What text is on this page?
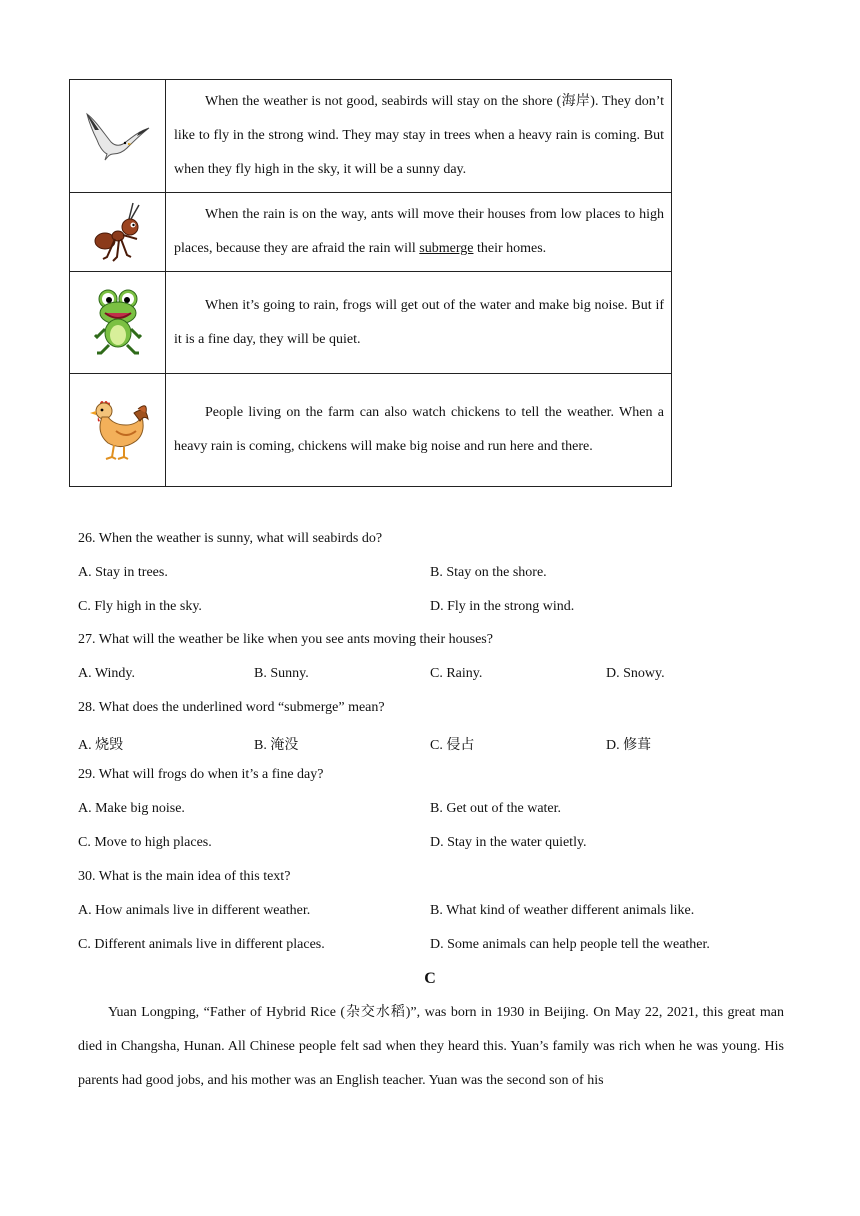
When the weather is not good, seabirds will stay on the shore (海岸). They don’t like to fly in the strong wind. They may stay in trees when a heavy rain is coming. But when they fly high in the sky, it will be a sunny day.

When the rain is on the way, ants will move their houses from low places to high places, because they are afraid the rain will submerge their homes.

When it’s going to rain, frogs will get out of the water and make big noise. But if it is a fine day, they will be quiet.

People living on the farm can also watch chickens to tell the weather. When a heavy rain is coming, chickens will make big noise and run here and there.

26. When the weather is sunny, what will seabirds do?
A. Stay in trees.	B. Stay on the shore.
C. Fly high in the sky.	D. Fly in the strong wind.
27. What will the weather be like when you see ants moving their houses?
A. Windy.	B. Sunny.	C. Rainy.	D. Snowy.
28. What does the underlined word “submerge” mean?
A. 烧毁	B. 淹没	C. 侵占	D. 修葺
29. What will frogs do when it’s a fine day?
A. Make big noise.	B. Get out of the water.
C. Move to high places.	D. Stay in the water quietly.
30. What is the main idea of this text?
A. How animals live in different weather.	B. What kind of weather different animals like.
C. Different animals live in different places.	D. Some animals can help people tell the weather.
C

Yuan Longping, “Father of Hybrid Rice (杂交水稻)”, was born in 1930 in Beijing. On May 22, 2021, this great man died in Changsha, Hunan. All Chinese people felt sad when they heard this. Yuan’s family was rich when he was young. His parents had good jobs, and his mother was an English teacher. Yuan was the second son of his
